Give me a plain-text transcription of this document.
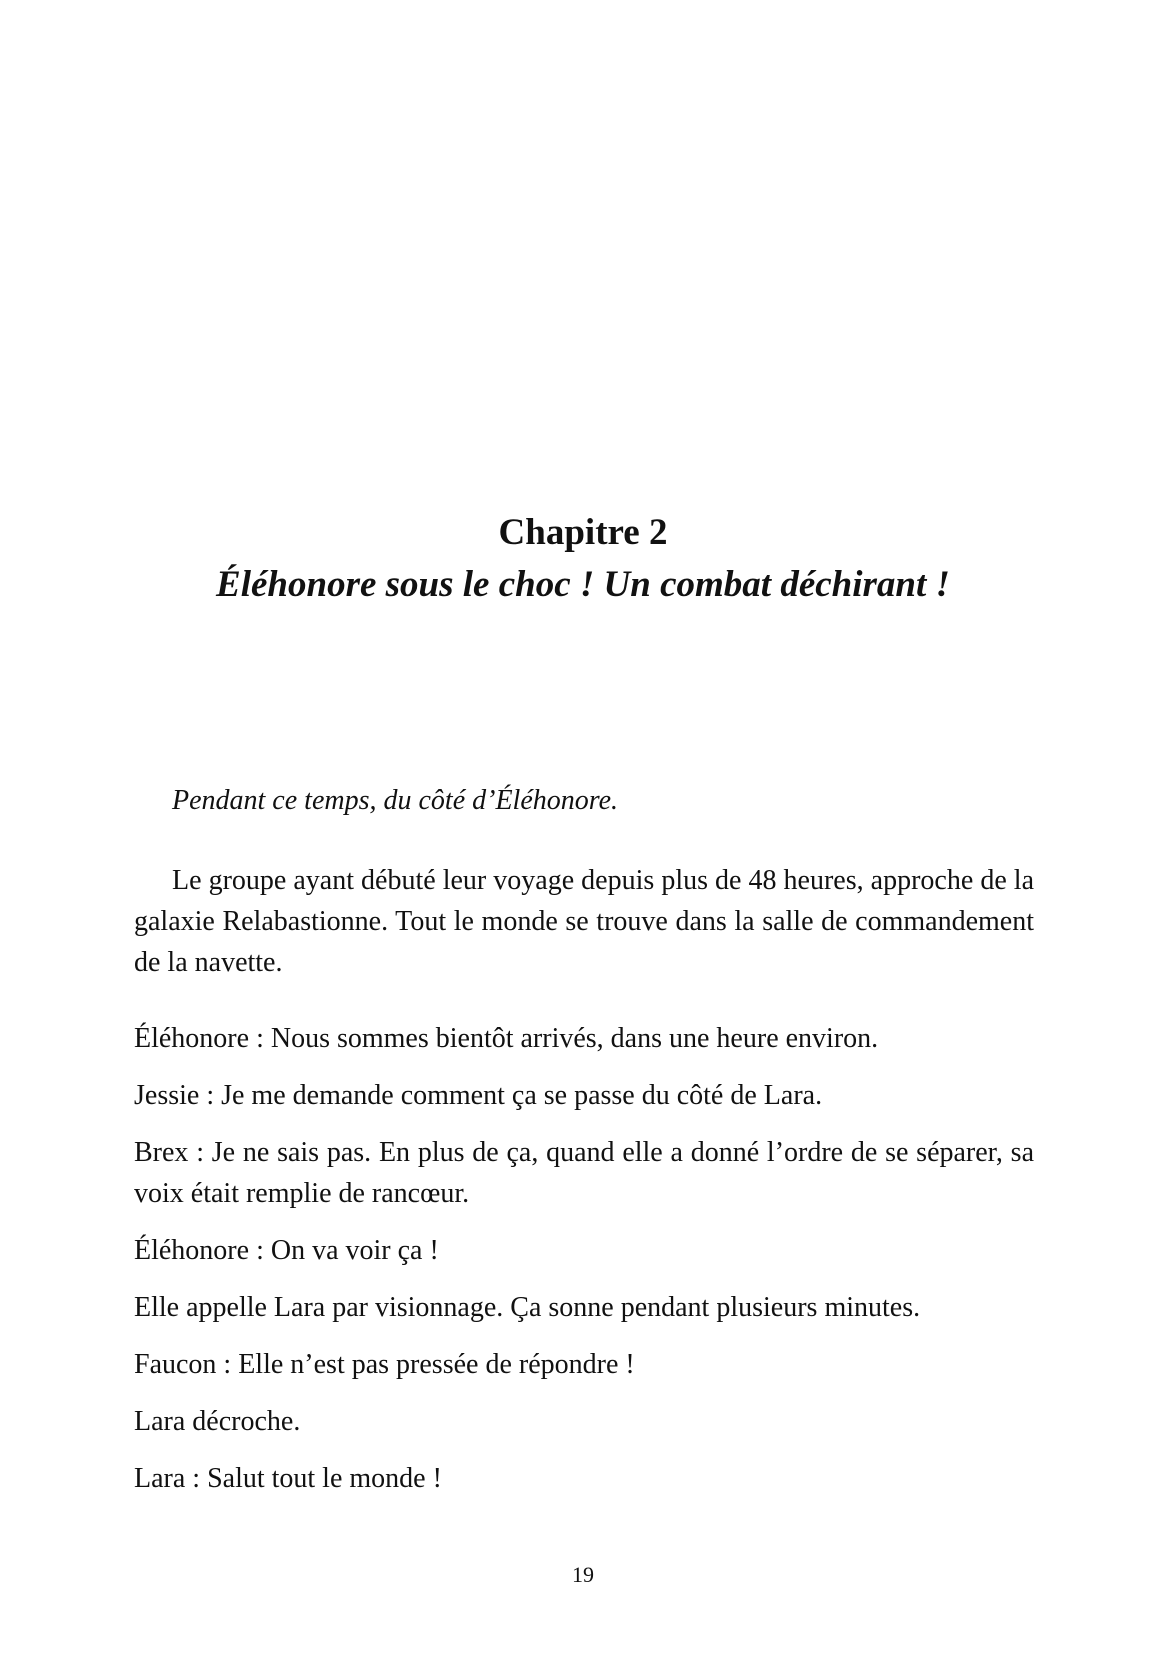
Chapitre 2
Éléhonore sous le choc ! Un combat déchirant !

Pendant ce temps, du côté d’Éléhonore.

Le groupe ayant débuté leur voyage depuis plus de 48 heures, approche de la galaxie Relabastionne. Tout le monde se trouve dans la salle de commandement de la navette.

Éléhonore : Nous sommes bientôt arrivés, dans une heure environ.
Jessie : Je me demande comment ça se passe du côté de Lara.
Brex : Je ne sais pas. En plus de ça, quand elle a donné l’ordre de se séparer, sa voix était remplie de rancœur.
Éléhonore : On va voir ça !
Elle appelle Lara par visionnage. Ça sonne pendant plusieurs minutes.
Faucon : Elle n’est pas pressée de répondre !
Lara décroche.
Lara : Salut tout le monde !
19
